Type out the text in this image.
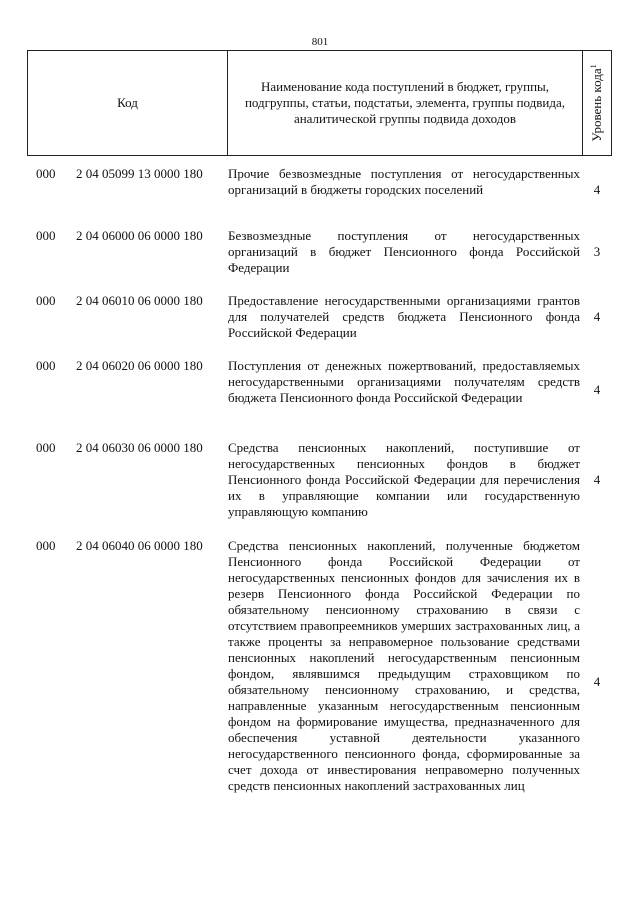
801
Код
Наименование кода поступлений в бюджет, группы, подгруппы, статьи, подстатьи, элемента, группы подвида, аналитической группы подвида доходов	Уровень кода$^1$
000 2 04 05099 13 0000 180 Прочие безвозмездные поступления от негосударственных организаций в бюджеты городских поселений	4
000 2 04 06000 06 0000 180 Безвозмездные поступления от негосударственных организаций в бюджет Пенсионного фонда Российской Федерации
3
000 2 04 06010 06 0000 180 Предоставление негосударственными организациями грантов для получателей средств бюджета Пенсионного фонда Российской Федерации
4
000 2 04 06020 06 0000 180 Поступления от денежных пожертвований, предоставляемых негосударственными организациями получателям средств бюджета Пенсионного фонда Российской Федерации
4
000 2 04 06030 06 0000 180 Средства пенсионных накоплений, поступившие от негосударственных пенсионных фондов в бюджет Пенсионного фонда Российской Федерации для перечисления их в управляющие компании или государственную управляющую компанию
4
000 2 04 06040 06 0000 180 Средства пенсионных накоплений, полученные бюджетом Пенсионного фонда Российской Федерации от негосударственных пенсионных фондов для зачисления их в резерв Пенсионного фонда Российской Федерации по обязательному пенсионному страхованию в связи с отсутствием правопреемников умерших застрахованных лиц, а также проценты за неправомерное пользование средствами пенсионных накоплений негосударственным пенсионным фондом, являвшимся предыдущим страховщиком по обязательному пенсионному страхованию, и средства, направленные указанным негосударственным пенсионным фондом на формирование имущества, предназначенного для обеспечения уставной деятельности указанного негосударственного пенсионного фонда, сформированные за счет дохода от инвестирования неправомерно полученных средств пенсионных накоплений застрахованных лиц
4
